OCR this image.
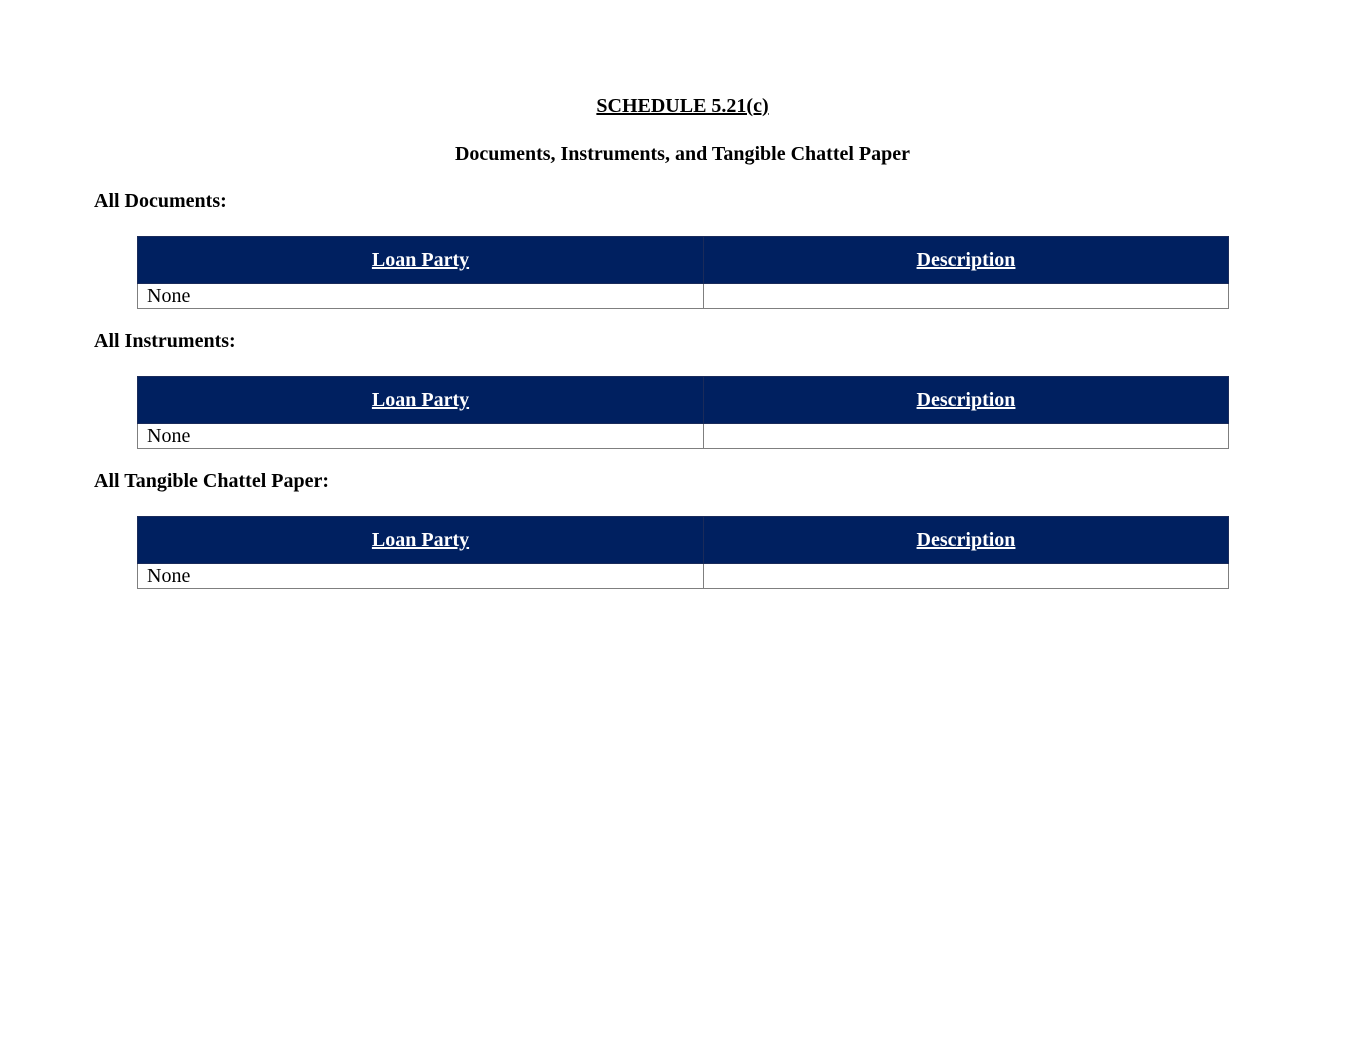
SCHEDULE 5.21(c)
Documents, Instruments, and Tangible Chattel Paper
All Documents:
Loan Party	Description
None	
All Instruments:
Loan Party	Description
None	
All Tangible Chattel Paper:
Loan Party	Description
None	
